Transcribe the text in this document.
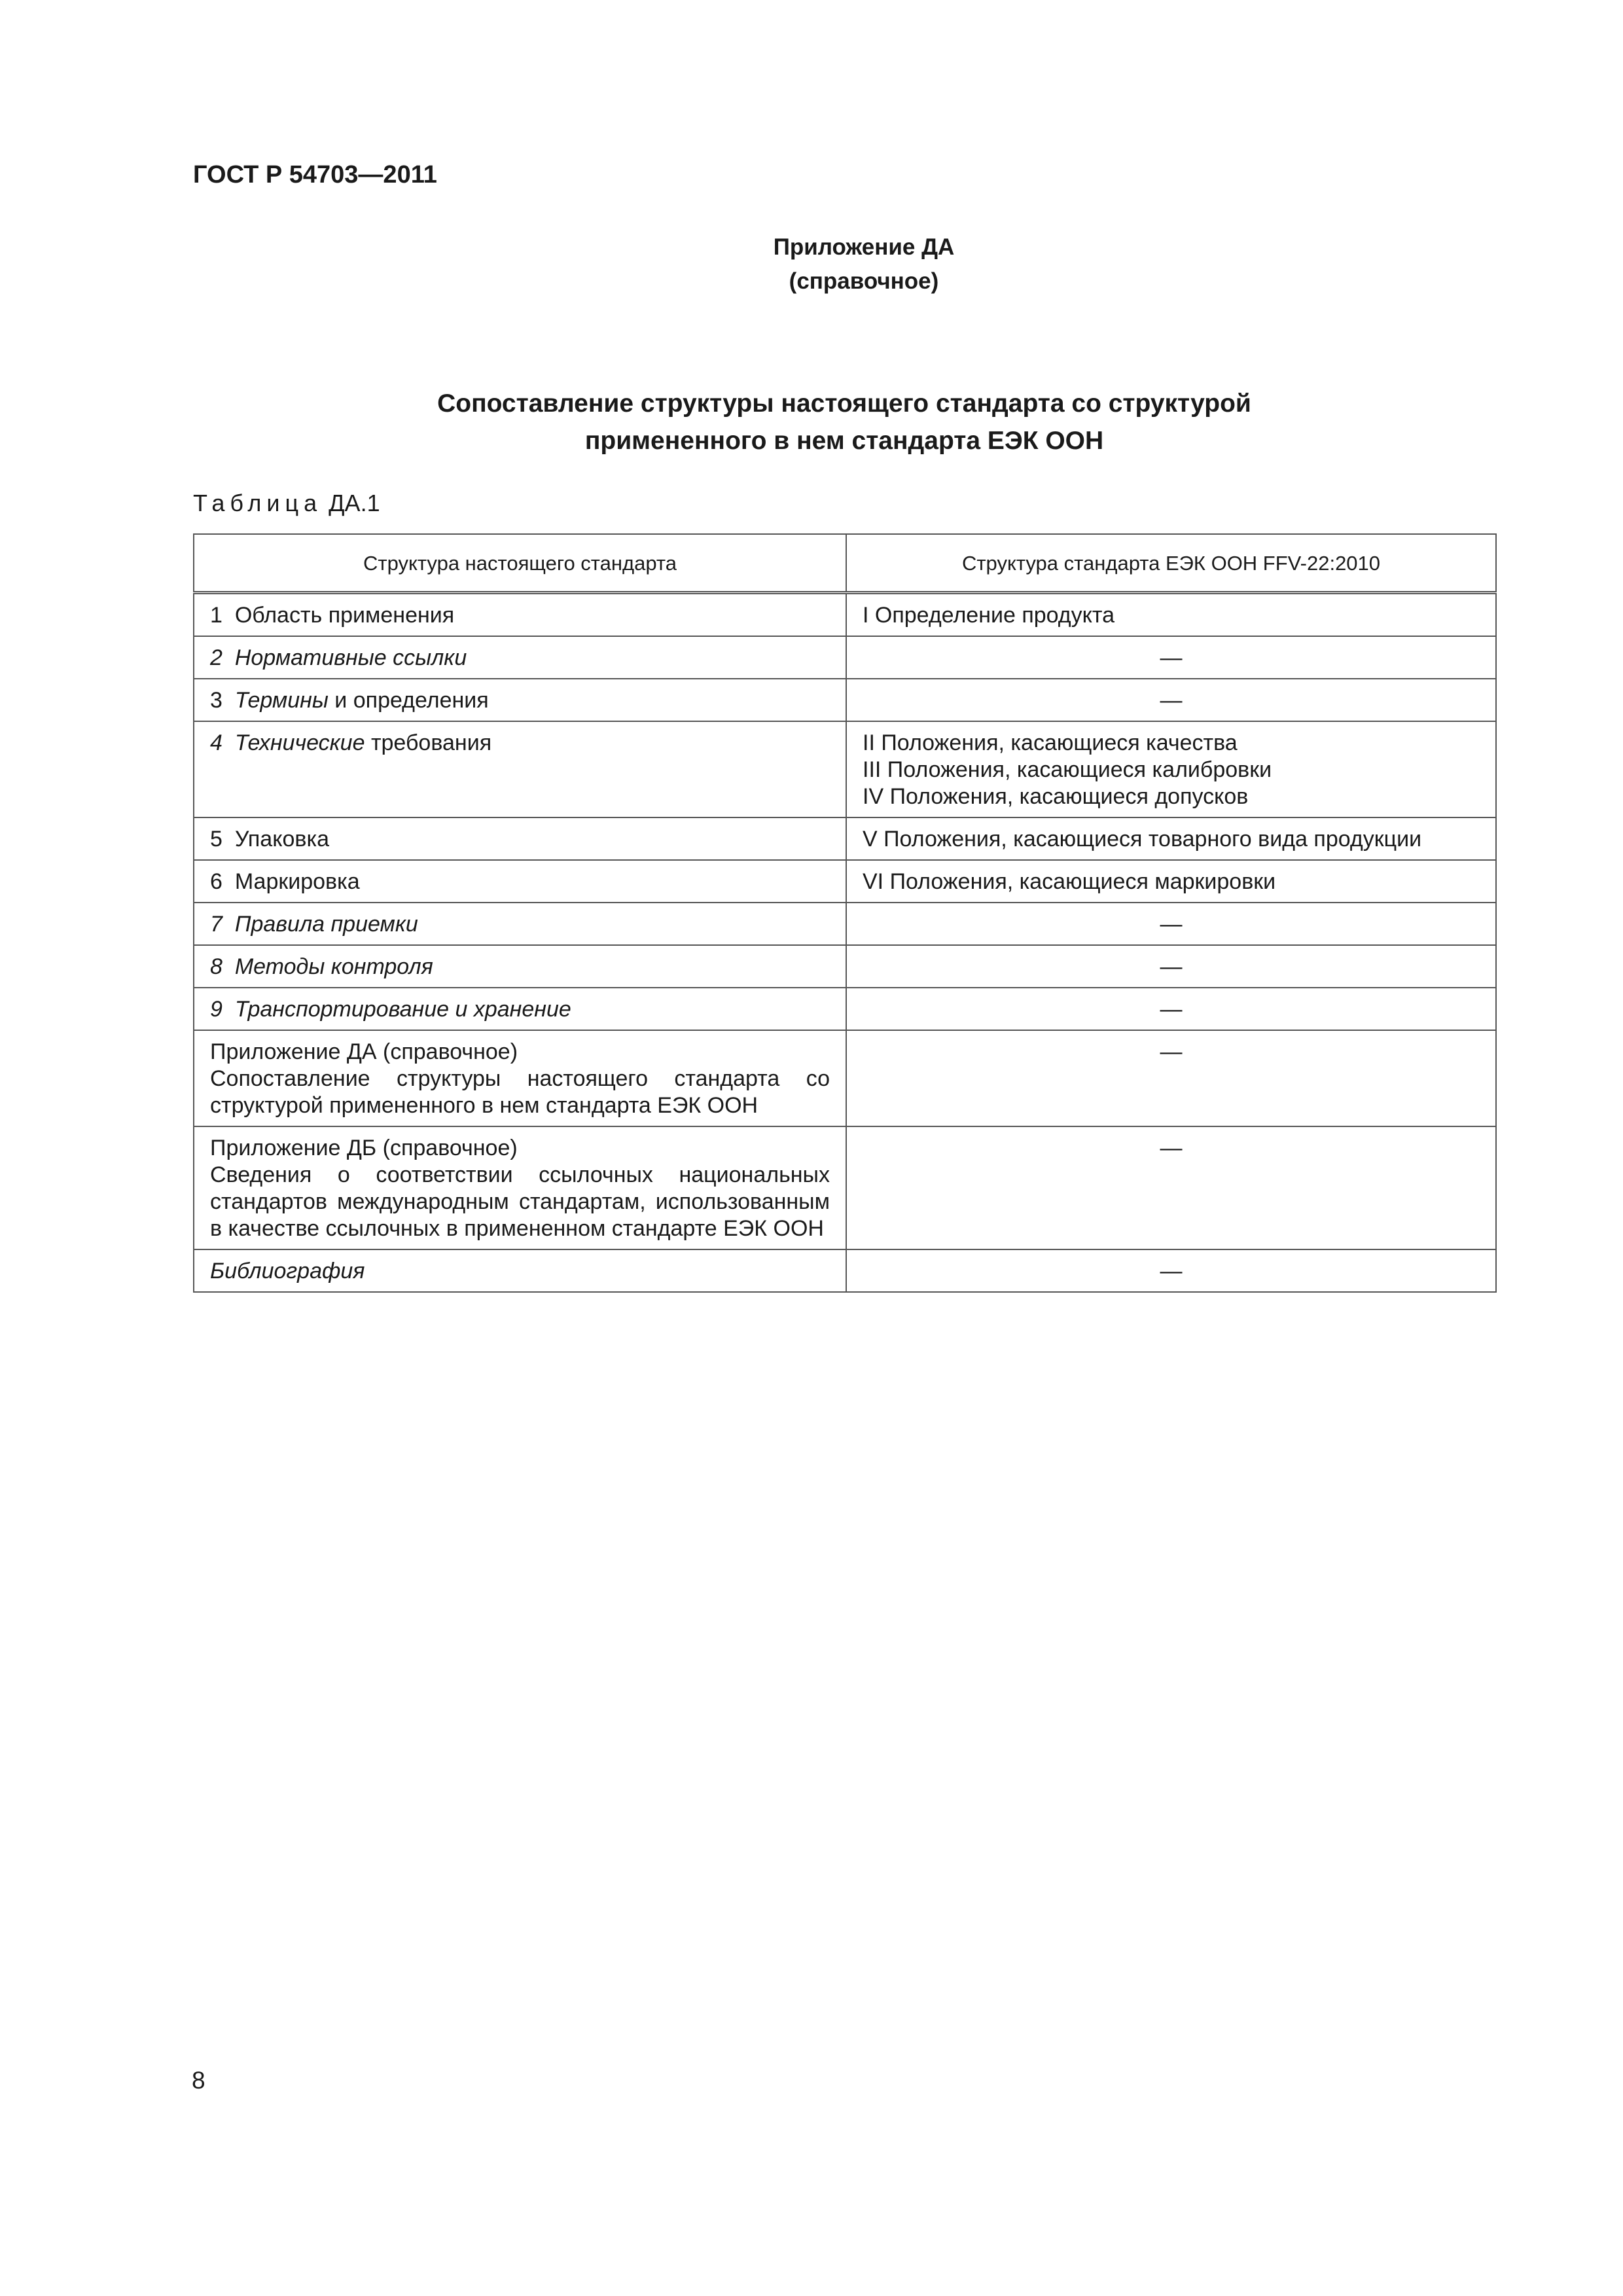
ГОСТ Р 54703—2011
Приложение ДА
(справочное)
Сопоставление структуры настоящего стандарта со структурой
примененного в нем стандарта ЕЭК ООН

Таблица ДА.1

Структура настоящего стандарта	Структура стандарта ЕЭК ООН FFV-22:2010
1 Область применения	I Определение продукта

2 Нормативные ссылки	—
3 Термины и определения	—
4 Технические требования	II Положения, касающиеся качества
III Положения, касающиеся калибровки
IV Положения, касающиеся допусков

5 Упаковка	V Положения, касающиеся товарного вида продукции

6 Маркировка	VI Положения, касающиеся маркировки

7 Правила приемки	—
8 Методы контроля	—
9 Транспортирование и хранение	—

Приложение ДА (справочное)
Сопоставление структуры настоящего стандарта со структурой примененного в нем стандарта ЕЭК ООН	—

Приложение ДБ (справочное)
Сведения о соответствии ссылочных национальных стандартов международным стандартам, использованным в качестве ссылочных в примененном стандарте ЕЭК ООН	—
Библиография	—

8
